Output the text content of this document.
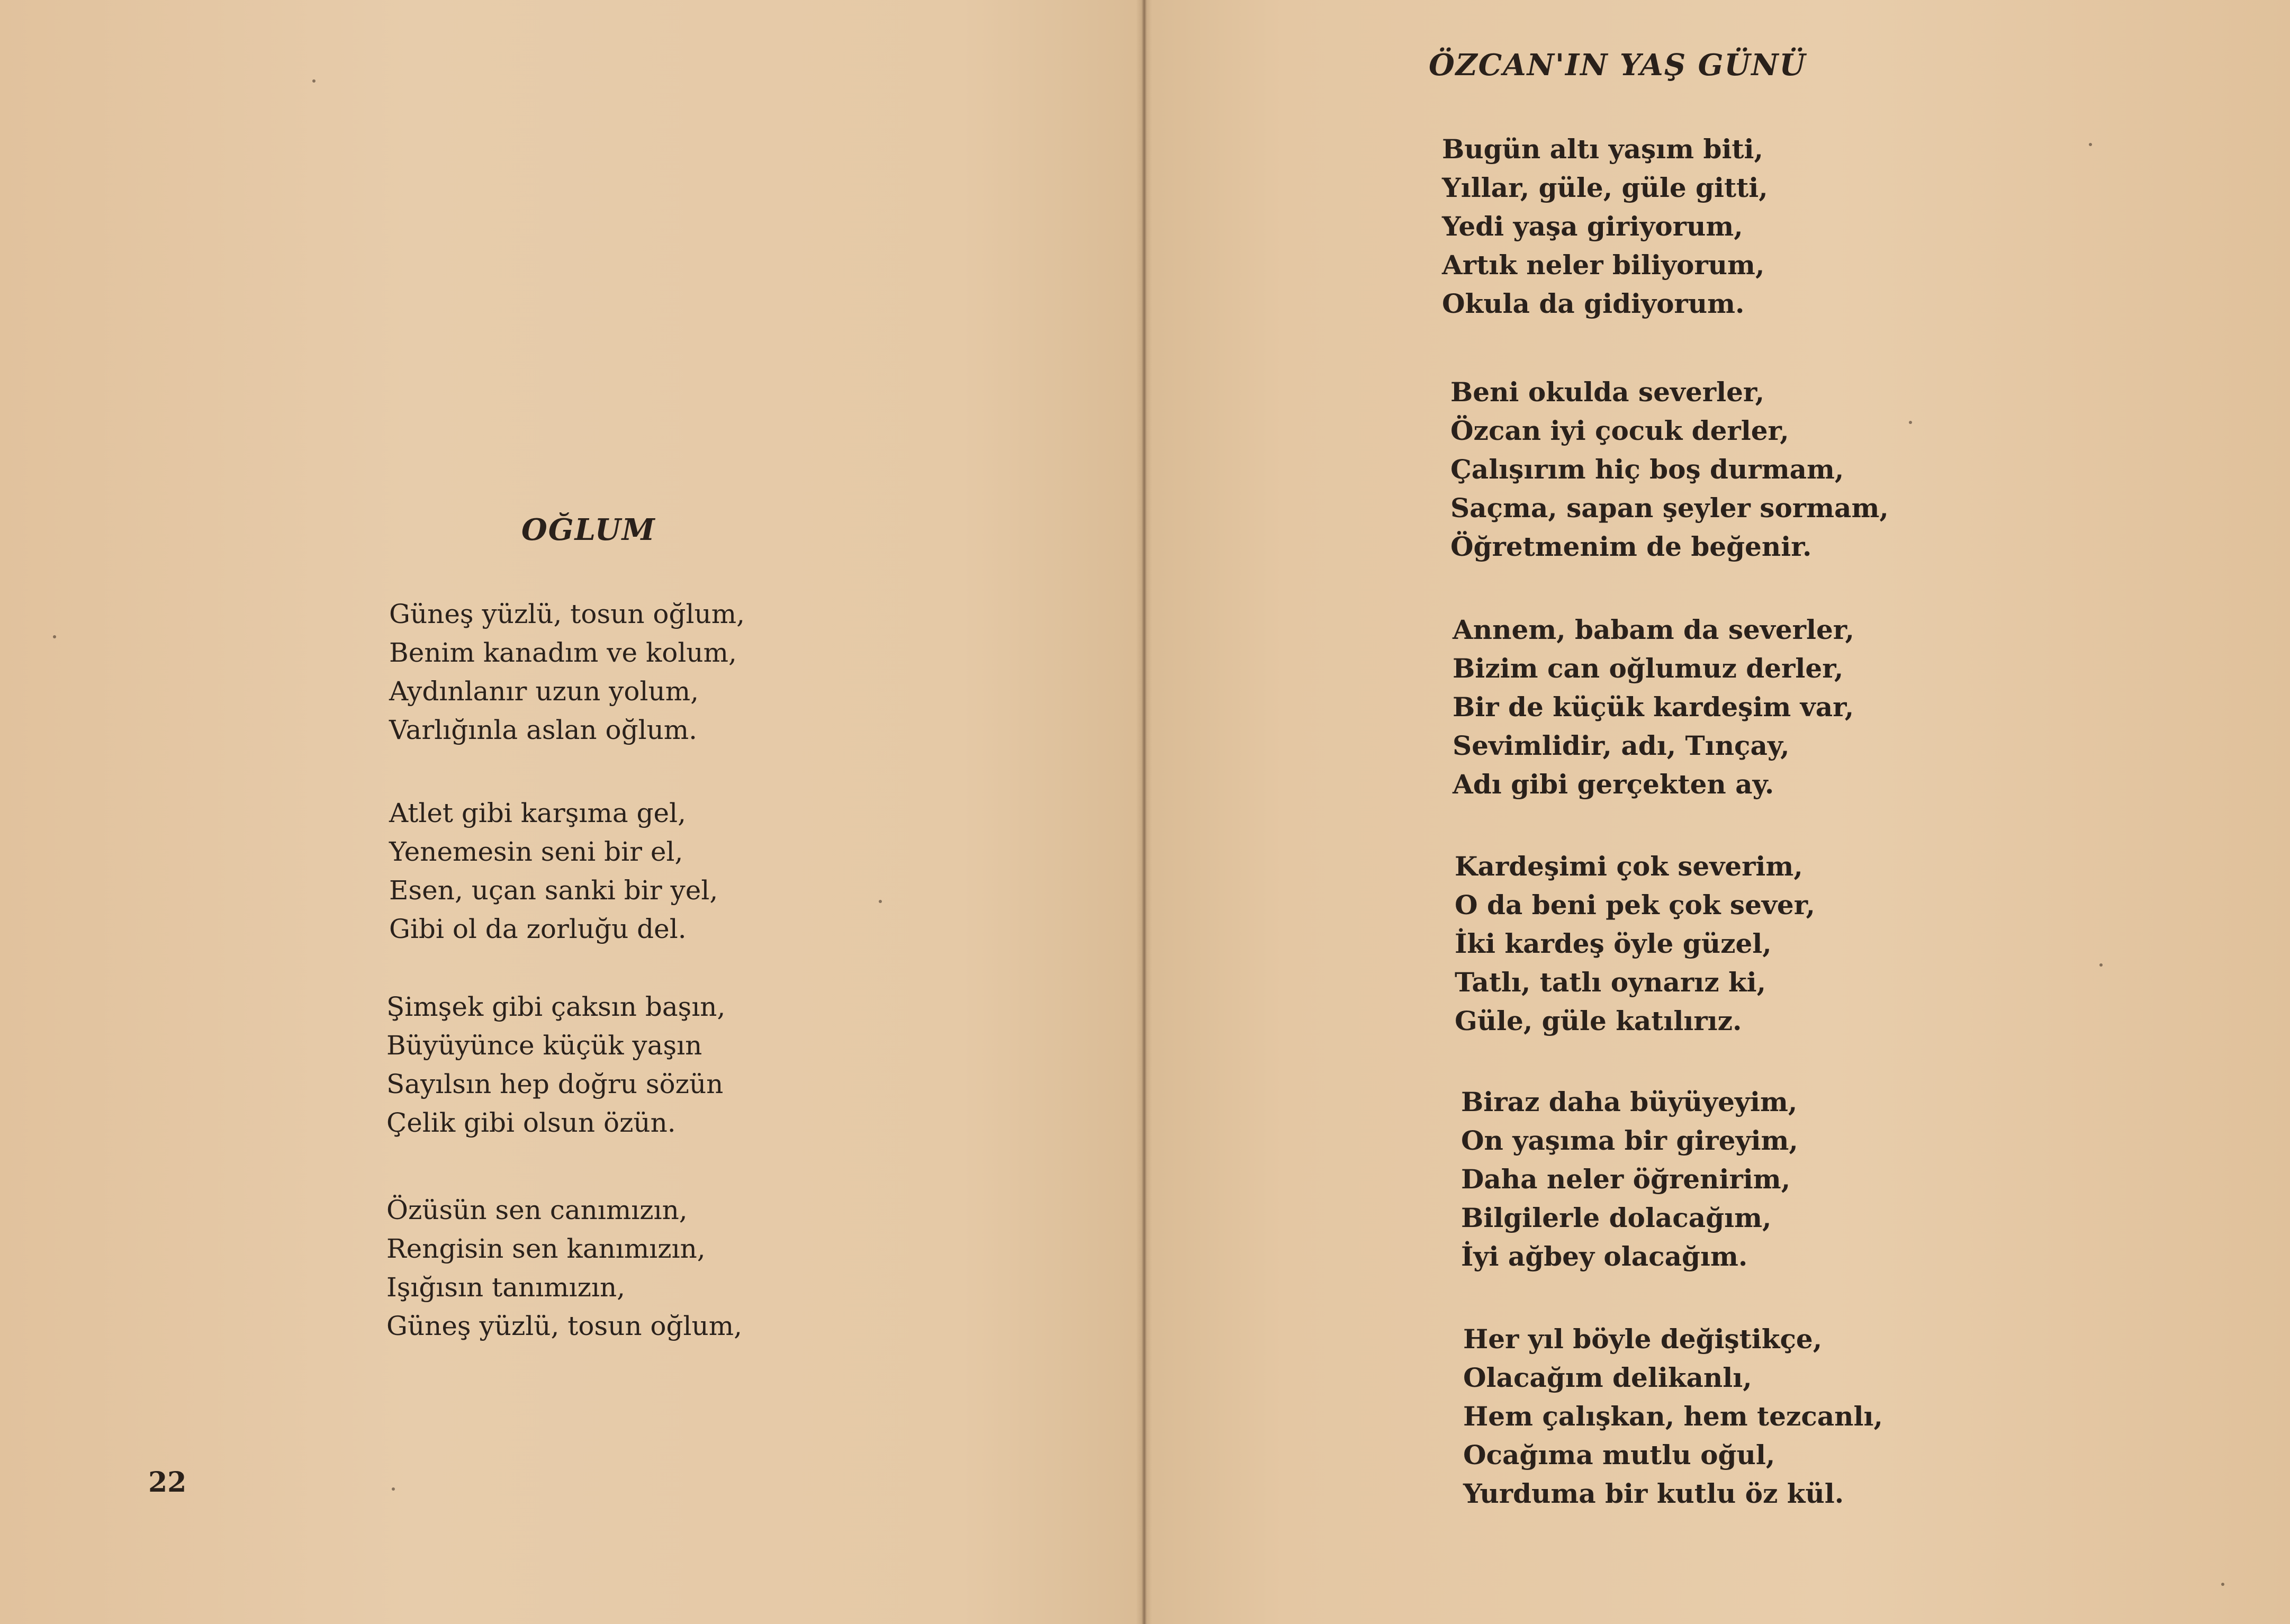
OĞLUM
Güneş yüzlü, tosun oğlum,
Benim kanadım ve kolum,
Aydınlanır uzun yolum,
Varlığınla aslan oğlum.
Atlet gibi karşıma gel,
Yenemesin seni bir el,
Esen, uçan sanki bir yel,
Gibi ol da zorluğu del.
Şimşek gibi çaksın başın,
Büyüyünce küçük yaşın
Sayılsın hep doğru sözün
Çelik gibi olsun özün.
Özüsün sen canımızın,
Rengisin sen kanımızın,
Işığısın tanımızın,
Güneş yüzlü, tosun oğlum,
22
ÖZCAN'IN YAŞ GÜNÜ
Bugün altı yaşım biti,
Yıllar, güle, güle gitti,
Yedi yaşa giriyorum,
Artık neler biliyorum,
Okula da gidiyorum.
Beni okulda severler,
Özcan iyi çocuk derler,
Çalışırım hiç boş durmam,
Saçma, sapan şeyler sormam,
Öğretmenim de beğenir.
Annem, babam da severler,
Bizim can oğlumuz derler,
Bir de küçük kardeşim var,
Sevimlidir, adı, Tınçay,
Adı gibi gerçekten ay.
Kardeşimi çok severim,
O da beni pek çok sever,
İki kardeş öyle güzel,
Tatlı, tatlı oynarız ki,
Güle, güle katılırız.
Biraz daha büyüyeyim,
On yaşıma bir gireyim,
Daha neler öğrenirim,
Bilgilerle dolacağım,
İyi ağbey olacağım.
Her yıl böyle değiştikçe,
Olacağım delikanlı,
Hem çalışkan, hem tezcanlı,
Ocağıma mutlu oğul,
Yurduma bir kutlu öz kül.
